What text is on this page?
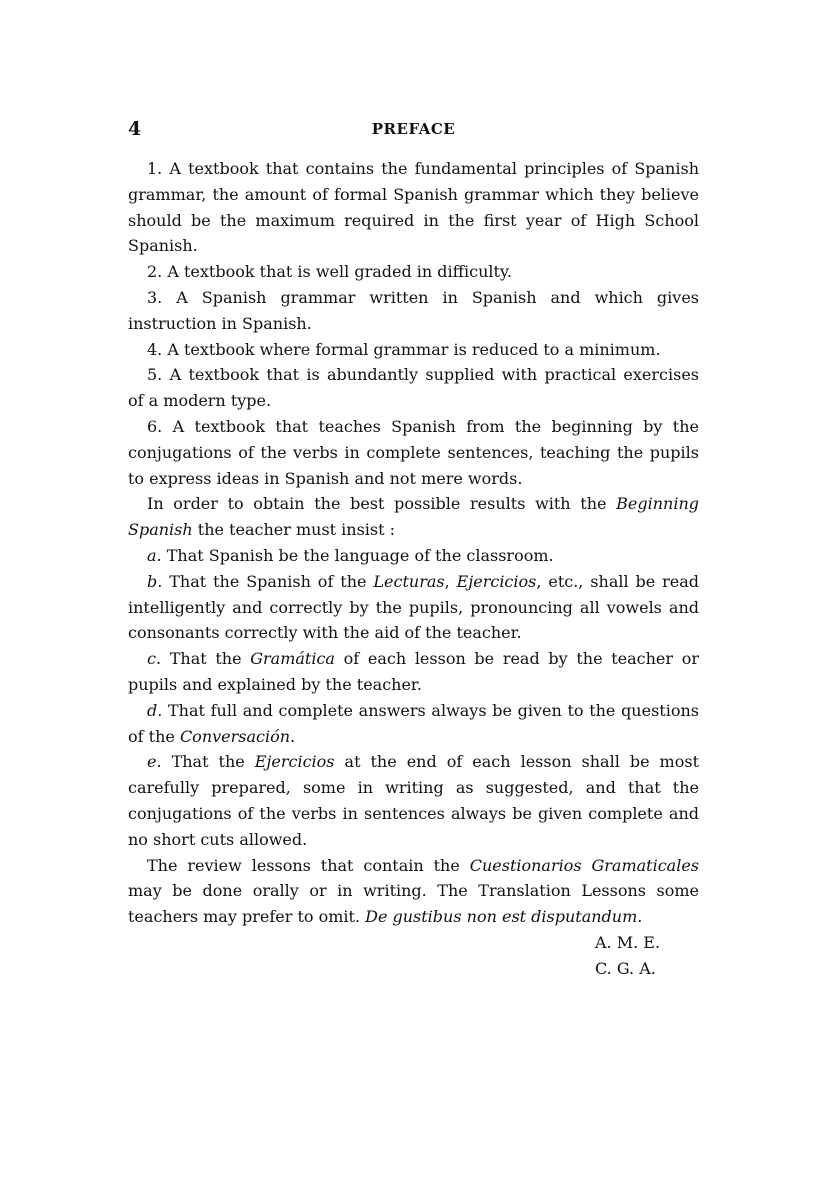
4	PREFACE

1. A textbook that contains the fundamental principles of Spanish grammar, the amount of formal Spanish grammar which they believe should be the maximum required in the first year of High School Spanish.

2. A textbook that is well graded in difficulty.

3. A Spanish grammar written in Spanish and which gives instruction in Spanish.

4. A textbook where formal grammar is reduced to a minimum.

5. A textbook that is abundantly supplied with practical exercises of a modern type.

6. A textbook that teaches Spanish from the beginning by the conjugations of the verbs in complete sentences, teaching the pupils to express ideas in Spanish and not mere words.

In order to obtain the best possible results with the Beginning Spanish the teacher must insist :

a. That Spanish be the language of the classroom.

b. That the Spanish of the Lecturas, Ejercicios, etc., shall be read intelligently and correctly by the pupils, pronouncing all vowels and consonants correctly with the aid of the teacher.

c. That the Gramática of each lesson be read by the teacher or pupils and explained by the teacher.

d. That full and complete answers always be given to the questions of the Conversación.

e. That the Ejercicios at the end of each lesson shall be most carefully prepared, some in writing as suggested, and that the conjugations of the verbs in sentences always be given complete and no short cuts allowed.

The review lessons that contain the Cuestionarios Gramaticales may be done orally or in writing. The Translation Lessons some teachers may prefer to omit. De gustibus non est disputandum.

A. M. E.
C. G. A.
